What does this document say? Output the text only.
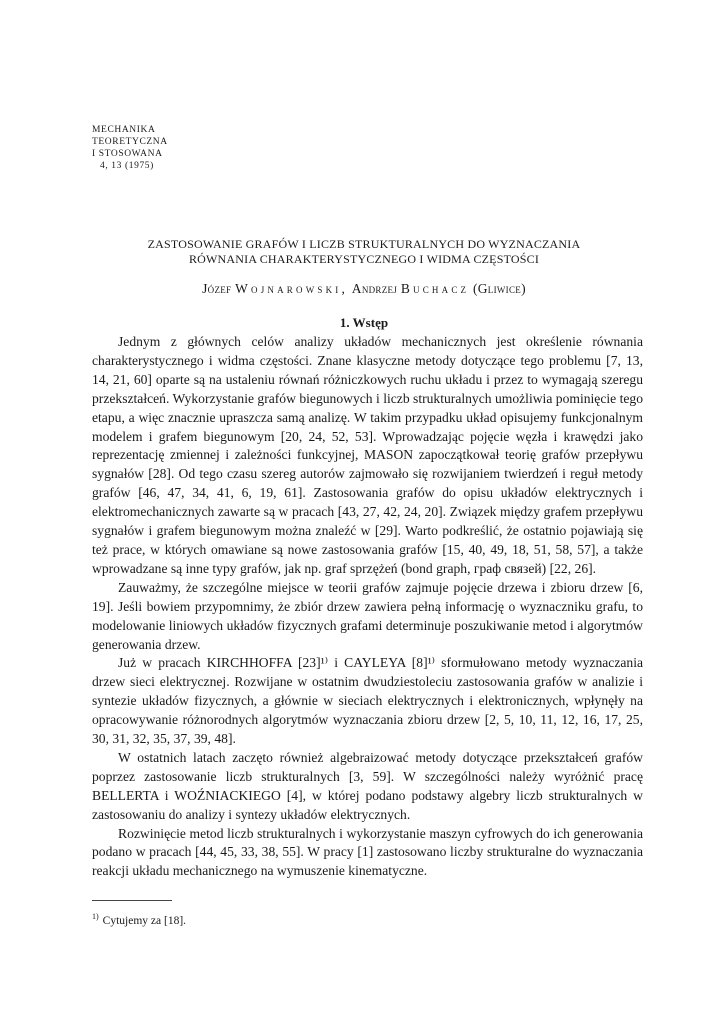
MECHANIKA
TEORETYCZNA
I STOSOWANA
4, 13 (1975)
ZASTOSOWANIE GRAFÓW I LICZB STRUKTURALNYCH DO WYZNACZANIA
RÓWNANIA CHARAKTERYSTYCZNEGO I WIDMA CZĘSTOŚCI
Józef Wojnarowski, Andrzej Buchacz (Gliwice)
1. Wstęp

Jednym z głównych celów analizy układów mechanicznych jest określenie równania charakterystycznego i widma częstości. Znane klasyczne metody dotyczące tego problemu [7, 13, 14, 21, 60] oparte są na ustaleniu równań różniczkowych ruchu układu i przez to wymagają szeregu przekształceń. Wykorzystanie grafów biegunowych i liczb strukturalnych umożliwia pominięcie tego etapu, a więc znacznie upraszcza samą analizę. W takim przypadku układ opisujemy funkcjonalnym modelem i grafem biegunowym [20, 24, 52, 53]. Wprowadzając pojęcie węzła i krawędzi jako reprezentację zmiennej i zależności funkcyjnej, MASON zapoczątkował teorię grafów przepływu sygnałów [28]. Od tego czasu szereg autorów zajmowało się rozwijaniem twierdzeń i reguł metody grafów [46, 47, 34, 41, 6, 19, 61]. Zastosowania grafów do opisu układów elektrycznych i elektromechanicznych zawarte są w pracach [43, 27, 42, 24, 20]. Związek między grafem przepływu sygnałów i grafem biegunowym można znaleźć w [29]. Warto podkreślić, że ostatnio pojawiają się też prace, w których omawiane są nowe zastosowania grafów [15, 40, 49, 18, 51, 58, 57], a także wprowadzane są inne typy grafów, jak np. graf sprzężeń (bond graph, граф связей) [22, 26].

Zauważmy, że szczególne miejsce w teorii grafów zajmuje pojęcie drzewa i zbioru drzew [6, 19]. Jeśli bowiem przypomnimy, że zbiór drzew zawiera pełną informację o wyznaczniku grafu, to modelowanie liniowych układów fizycznych grafami determinuje poszukiwanie metod i algorytmów generowania drzew.

Już w pracach KIRCHHOFFA [23]¹⁾ i CAYLEYA [8]¹⁾ sformułowano metody wyznaczania drzew sieci elektrycznej. Rozwijane w ostatnim dwudziestoleciu zastosowania grafów w analizie i syntezie układów fizycznych, a głównie w sieciach elektrycznych i elektronicznych, wpłynęły na opracowywanie różnorodnych algorytmów wyznaczania zbioru drzew [2, 5, 10, 11, 12, 16, 17, 25, 30, 31, 32, 35, 37, 39, 48].

W ostatnich latach zaczęto również algebraizować metody dotyczące przekształceń grafów poprzez zastosowanie liczb strukturalnych [3, 59]. W szczególności należy wyróżnić pracę BELLERTA i WOŹNIACKIEGO [4], w której podano podstawy algebry liczb strukturalnych w zastosowaniu do analizy i syntezy układów elektrycznych.

Rozwinięcie metod liczb strukturalnych i wykorzystanie maszyn cyfrowych do ich generowania podano w pracach [44, 45, 33, 38, 55]. W pracy [1] zastosowano liczby strukturalne do wyznaczania reakcji układu mechanicznego na wymuszenie kinematyczne.

$^{1)}$ Cytujemy za [18].
